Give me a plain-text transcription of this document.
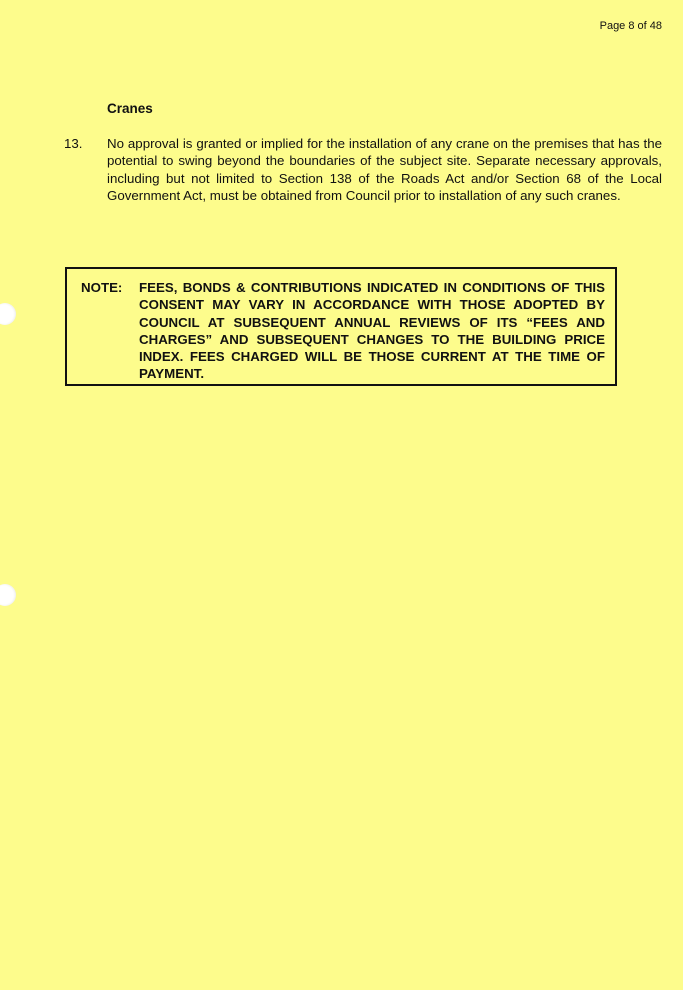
Page 8 of 48
Cranes
13.	No approval is granted or implied for the installation of any crane on the premises that has the potential to swing beyond the boundaries of the subject site. Separate necessary approvals, including but not limited to Section 138 of the Roads Act and/or Section 68 of the Local Government Act, must be obtained from Council prior to installation of any such cranes.
NOTE:	FEES, BONDS & CONTRIBUTIONS INDICATED IN CONDITIONS OF THIS CONSENT MAY VARY IN ACCORDANCE WITH THOSE ADOPTED BY COUNCIL AT SUBSEQUENT ANNUAL REVIEWS OF ITS “FEES AND CHARGES” AND SUBSEQUENT CHANGES TO THE BUILDING PRICE INDEX. FEES CHARGED WILL BE THOSE CURRENT AT THE TIME OF PAYMENT.
